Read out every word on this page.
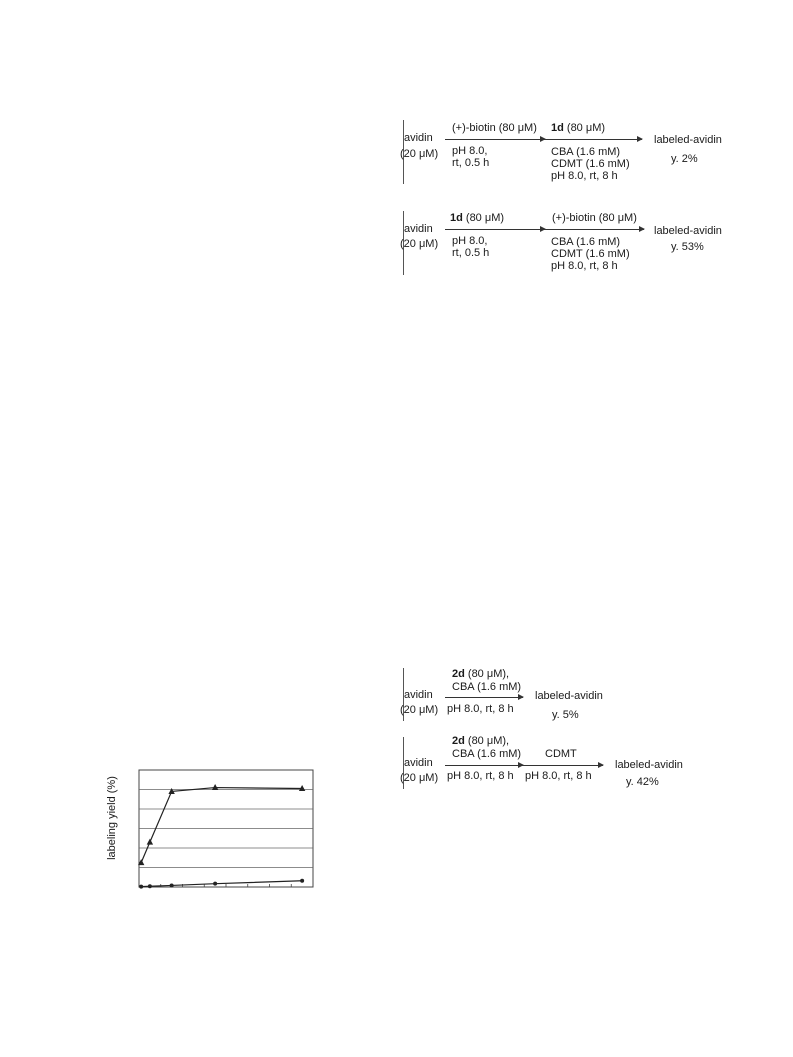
avidin
(20 μM)
(+)-biotin (80 μM)
pH 8.0,
rt, 0.5 h
1d (80 μM)
CBA (1.6 mM)
CDMT (1.6 mM)
pH 8.0, rt, 8 h
labeled-avidin
y. 2%
avidin
(20 μM)
1d (80 μM)
pH 8.0,
rt, 0.5 h
(+)-biotin (80 μM)
CBA (1.6 mM)
CDMT (1.6 mM)
pH 8.0, rt, 8 h
labeled-avidin
y. 53%
avidin
(20 μM)
2d (80 μM),
CBA (1.6 mM)
pH 8.0, rt, 8 h
labeled-avidin
y. 5%
avidin
(20 μM)
2d (80 μM),
CBA (1.6 mM)
pH 8.0, rt, 8 h
CDMT
pH 8.0, rt, 8 h
labeled-avidin
y. 42%
labeling yield (%)
